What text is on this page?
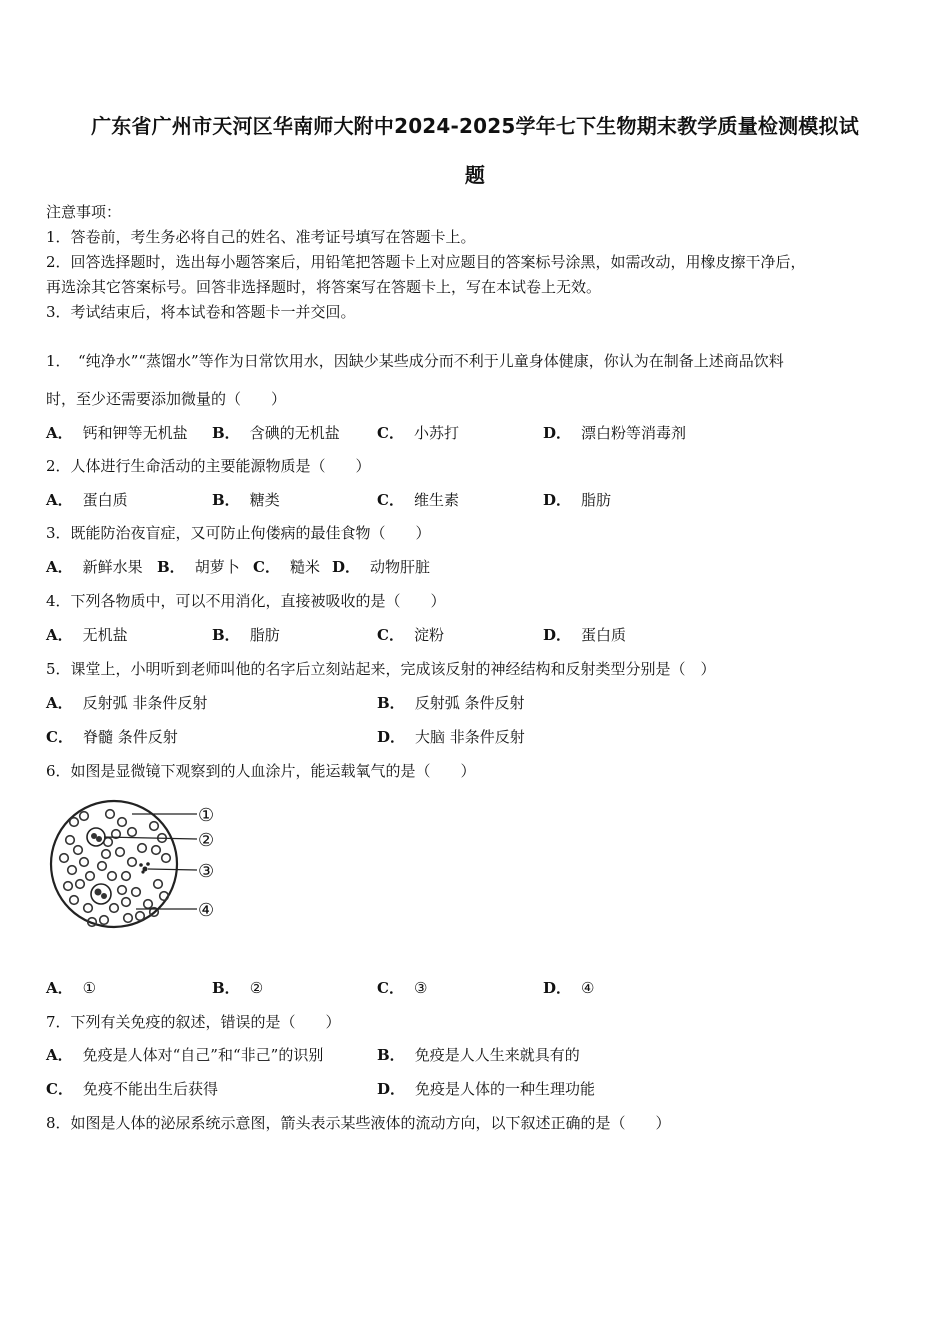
广东省广州市天河区华南师大附中2024-2025学年七下生物期末教学质量检测模拟试
题
注意事项：
1．答卷前，考生务必将自己的姓名、准考证号填写在答题卡上。
2．回答选择题时，选出每小题答案后，用铅笔把答题卡上对应题目的答案标号涂黑，如需改动，用橡皮擦干净后，
再选涂其它答案标号。回答非选择题时，将答案写在答题卡上，写在本试卷上无效。
3．考试结束后，将本试卷和答题卡一并交回。
1．　“纯净水”“蒸馏水”等作为日常饮用水，因缺少某些成分而不利于儿童身体健康，你认为在制备上述商品饮料
时，至少还需要添加微量的（　　）
A． 钙和钾等无机盐 B． 含碘的无机盐 C． 小苏打	D． 漂白粉等消毒剂
2．人体进行生命活动的主要能源物质是（　　）
A． 蛋白质	B． 糖类	C． 维生素	D． 脂肪
3．既能防治夜盲症，又可防止佝偻病的最佳食物（　　）
A． 新鲜水果 B． 胡萝卜 C． 糙米 D． 动物肝脏
4．下列各物质中，可以不用消化，直接被吸收的是（　　）
A． 无机盐	B． 脂肪	C． 淀粉	D． 蛋白质
5．课堂上，小明听到老师叫他的名字后立刻站起来，完成该反射的神经结构和反射类型分别是（　）
A． 反射弧 非条件反射	B． 反射弧 条件反射
C． 脊髓 条件反射	D． 大脑 非条件反射
6．如图是显微镜下观察到的人血涂片，能运载氧气的是（　　）
①
②
③
④
A． ①	B． ②	C． ③	D． ④
7．下列有关免疫的叙述，错误的是（　　）
A． 免疫是人体对“自己”和“非己”的识别	B． 免疫是人人生来就具有的
C． 免疫不能出生后获得	D． 免疫是人体的一种生理功能
8．如图是人体的泌尿系统示意图，箭头表示某些液体的流动方向，以下叙述正确的是（　　）
